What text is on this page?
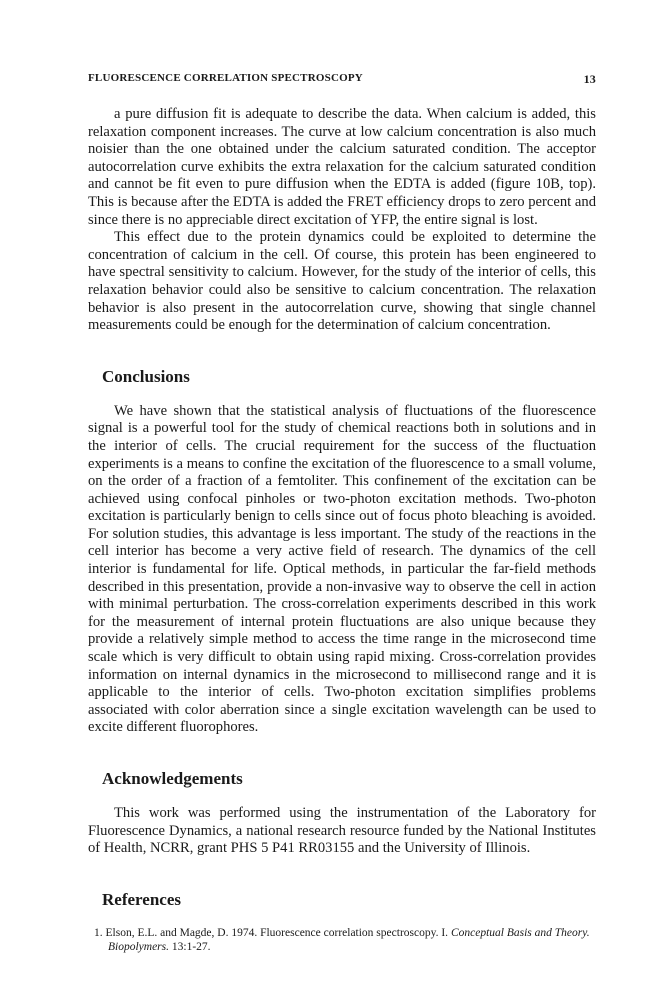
FLUORESCENCE CORRELATION SPECTROSCOPY	13

a pure diffusion fit is adequate to describe the data. When calcium is added, this relaxation component increases. The curve at low calcium concentration is also much noisier than the one obtained under the calcium saturated condition. The acceptor autocorrelation curve exhibits the extra relaxation for the calcium saturated condition and cannot be fit even to pure diffusion when the EDTA is added (figure 10B, top). This is because after the EDTA is added the FRET efficiency drops to zero percent and since there is no appreciable direct excitation of YFP, the entire signal is lost.

This effect due to the protein dynamics could be exploited to determine the concentration of calcium in the cell. Of course, this protein has been engineered to have spectral sensitivity to calcium. However, for the study of the interior of cells, this relaxation behavior could also be sensitive to calcium concentration. The relaxation behavior is also present in the autocorrelation curve, showing that single channel measurements could be enough for the determination of calcium concentration.

Conclusions

We have shown that the statistical analysis of fluctuations of the fluorescence signal is a powerful tool for the study of chemical reactions both in solutions and in the interior of cells. The crucial requirement for the success of the fluctuation experiments is a means to confine the excitation of the fluorescence to a small volume, on the order of a fraction of a femtoliter. This confinement of the excitation can be achieved using confocal pinholes or two-photon excitation methods. Two-photon excitation is particularly benign to cells since out of focus photo bleaching is avoided. For solution studies, this advantage is less important. The study of the reactions in the cell interior has become a very active field of research. The dynamics of the cell interior is fundamental for life. Optical methods, in particular the far-field methods described in this presentation, provide a non-invasive way to observe the cell in action with minimal perturbation. The cross-correlation experiments described in this work for the measurement of internal protein fluctuations are also unique because they provide a relatively simple method to access the time range in the microsecond time scale which is very difficult to obtain using rapid mixing. Cross-correlation provides information on internal dynamics in the microsecond to millisecond range and it is applicable to the interior of cells. Two-photon excitation simplifies problems associated with color aberration since a single excitation wavelength can be used to excite different fluorophores.

Acknowledgements

This work was performed using the instrumentation of the Laboratory for Fluorescence Dynamics, a national research resource funded by the National Institutes of Health, NCRR, grant PHS 5 P41 RR03155 and the University of Illinois.

References
1. Elson, E.L. and Magde, D. 1974. Fluorescence correlation spectroscopy. I. Conceptual Basis and Theory. Biopolymers. 13:1-27.
